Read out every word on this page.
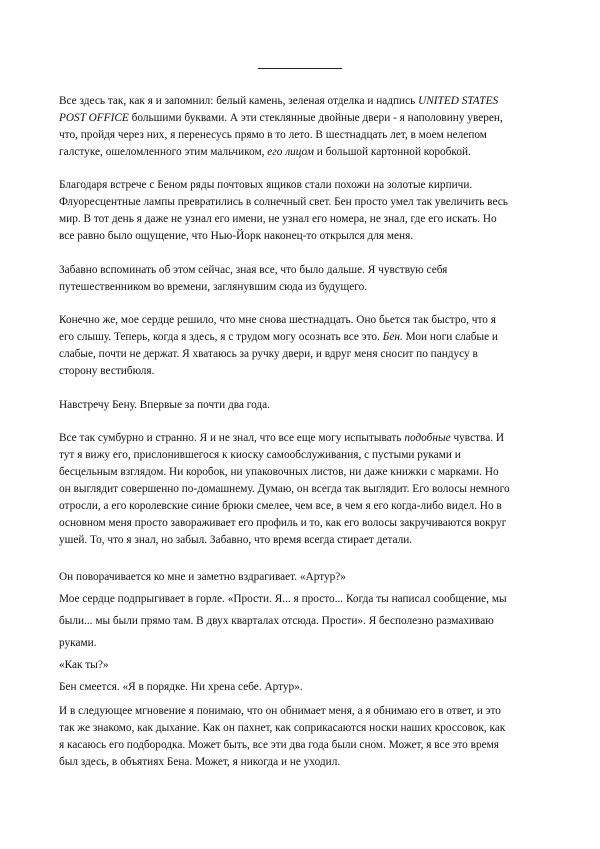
Все здесь так, как я и запомнил: белый камень, зеленая отделка и надпись UNITED STATES
POST OFFICE большими буквами. А эти стеклянные двойные двери - я наполовину уверен,
что, пройдя через них, я перенесусь прямо в то лето. В шестнадцать лет, в моем нелепом
галстуке, ошеломленного этим мальчиком, его лицом и большой картонной коробкой.
Благодаря встрече с Беном ряды почтовых ящиков стали похожи на золотые кирпичи.
Флуоресцентные лампы превратились в солнечный свет. Бен просто умел так увеличить весь
мир. В тот день я даже не узнал его имени, не узнал его номера, не знал, где его искать. Но
все равно было ощущение, что Нью-Йорк наконец-то открылся для меня.
Забавно вспоминать об этом сейчас, зная все, что было дальше. Я чувствую себя
путешественником во времени, заглянувшим сюда из будущего.
Конечно же, мое сердце решило, что мне снова шестнадцать. Оно бьется так быстро, что я
его слышу. Теперь, когда я здесь, я с трудом могу осознать все это. Бен. Мои ноги слабые и
слабые, почти не держат. Я хватаюсь за ручку двери, и вдруг меня сносит по пандусу в
сторону вестибюля.
Навстречу Бену. Впервые за почти два года.
Все так сумбурно и странно. Я и не знал, что все еще могу испытывать подобные чувства. И
тут я вижу его, прислонившегося к киоску самообслуживания, с пустыми руками и
бесцельным взглядом. Ни коробок, ни упаковочных листов, ни даже книжки с марками. Но
он выглядит совершенно по-домашнему. Думаю, он всегда так выглядит. Его волосы немного
отросли, а его королевские синие брюки смелее, чем все, в чем я его когда-либо видел. Но в
основном меня просто завораживает его профиль и то, как его волосы закручиваются вокруг
ушей. То, что я знал, но забыл. Забавно, что время всегда стирает детали.
Он поворачивается ко мне и заметно вздрагивает. «Артур?»
Мое сердце подпрыгивает в горле. «Прости. Я... я просто... Когда ты написал сообщение, мы
были... мы были прямо там. В двух кварталах отсюда. Прости». Я бесполезно размахиваю
руками.
«Как ты?»
Бен смеется. «Я в порядке. Ни хрена себе. Артур».
И в следующее мгновение я понимаю, что он обнимает меня, а я обнимаю его в ответ, и это
так же знакомо, как дыхание. Как он пахнет, как соприкасаются носки наших кроссовок, как
я касаюсь его подбородка. Может быть, все эти два года были сном. Может, я все это время
был здесь, в объятиях Бена. Может, я никогда и не уходил.
